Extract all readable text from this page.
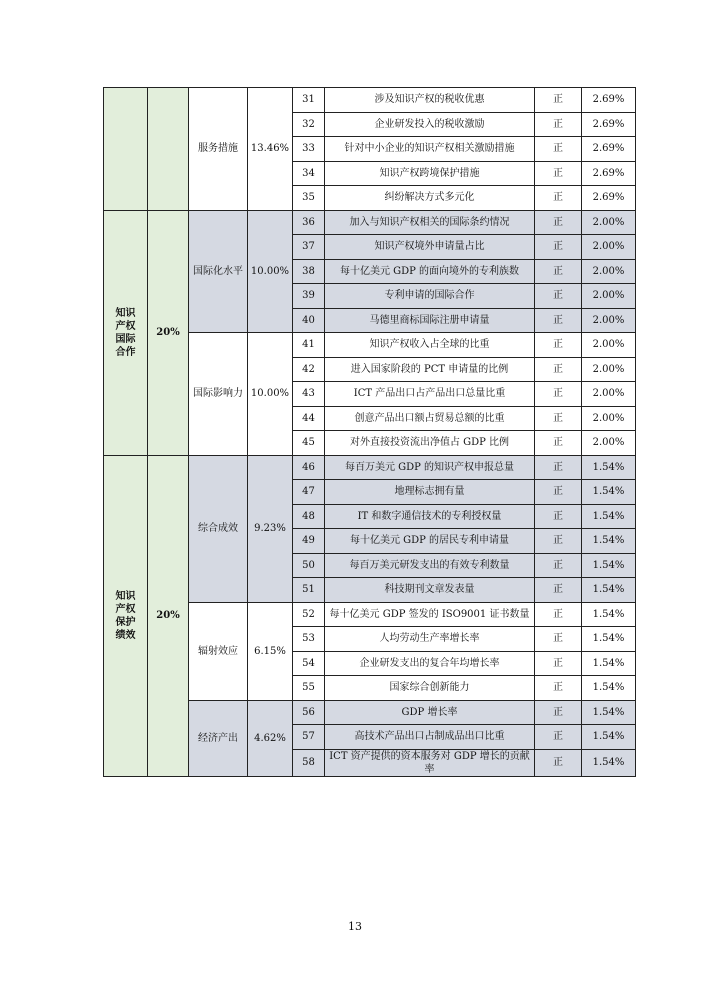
		服务措施	13.46%	31	涉及知识产权的税收优惠	正	2.69%
				32	企业研发投入的税收激励	正	2.69%
				33	针对中小企业的知识产权相关激励措施	正	2.69%
				34	知识产权跨境保护措施	正	2.69%
				35	纠纷解决方式多元化	正	2.69%
知识产权国际合作	20%	国际化水平	10.00%	36	加入与知识产权相关的国际条约情况	正	2.00%
				37	知识产权境外申请量占比	正	2.00%
				38	每十亿美元 GDP 的面向境外的专利族数	正	2.00%
				39	专利申请的国际合作	正	2.00%
				40	马德里商标国际注册申请量	正	2.00%
		国际影响力	10.00%	41	知识产权收入占全球的比重	正	2.00%
				42	进入国家阶段的 PCT 申请量的比例	正	2.00%
				43	ICT 产品出口占产品出口总量比重	正	2.00%
				44	创意产品出口额占贸易总额的比重	正	2.00%
				45	对外直接投资流出净值占 GDP 比例	正	2.00%
知识产权保护绩效	20%	综合成效	9.23%	46	每百万美元 GDP 的知识产权申报总量	正	1.54%
				47	地理标志拥有量	正	1.54%
				48	IT 和数字通信技术的专利授权量	正	1.54%
				49	每十亿美元 GDP 的居民专利申请量	正	1.54%
				50	每百万美元研发支出的有效专利数量	正	1.54%
				51	科技期刊文章发表量	正	1.54%
		辐射效应	6.15%	52	每十亿美元 GDP 签发的 ISO9001 证书数量	正	1.54%
				53	人均劳动生产率增长率	正	1.54%
				54	企业研发支出的复合年均增长率	正	1.54%
				55	国家综合创新能力	正	1.54%
		经济产出	4.62%	56	GDP 增长率	正	1.54%
				57	高技术产品出口占制成品出口比重	正	1.54%
				58	ICT 资产提供的资本服务对 GDP 增长的贡献率	正	1.54%
13
